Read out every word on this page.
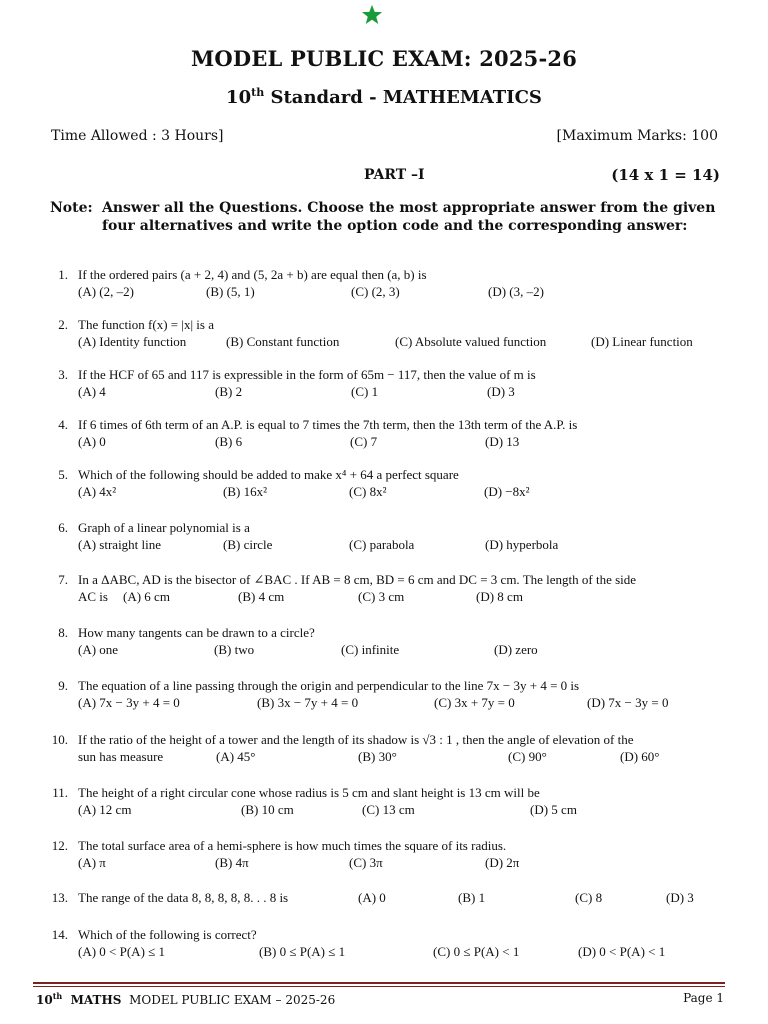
MODEL PUBLIC EXAM: 2025-26
10th Standard - MATHEMATICS
Time Allowed : 3 Hours]	[Maximum Marks: 100
PART –I	(14 x 1 = 14)
Note: Answer all the Questions. Choose the most appropriate answer from the given
four alternatives and write the option code and the corresponding answer:
1. If the ordered pairs (a + 2, 4) and (5, 2a + b) are equal then (a, b) is
(A) (2, –2)	(B) (5, 1)	(C) (2, 3)	(D) (3, –2)
2. The function f(x) = |x| is a
(A) Identity function	(B) Constant function	(C) Absolute valued function	(D) Linear function
3. If the HCF of 65 and 117 is expressible in the form of 65m − 117, then the value of m is
(A) 4	(B) 2	(C) 1	(D) 3
4. If 6 times of 6th term of an A.P. is equal to 7 times the 7th term, then the 13th term of the A.P. is
(A) 0	(B) 6	(C) 7	(D) 13
5. Which of the following should be added to make x⁴ + 64 a perfect square
(A) 4x²	(B) 16x²	(C) 8x²	(D) −8x²
6. Graph of a linear polynomial is a
(A) straight line	(B) circle	(C) parabola	(D) hyperbola
7. In a ΔABC, AD is the bisector of ∠BAC . If AB = 8 cm, BD = 6 cm and DC = 3 cm. The length of the side
AC is (A) 6 cm	(B) 4 cm	(C) 3 cm	(D) 8 cm
8. How many tangents can be drawn to a circle?
(A) one	(B) two	(C) infinite	(D) zero
9. The equation of a line passing through the origin and perpendicular to the line 7x − 3y + 4 = 0 is
(A) 7x − 3y + 4 = 0	(B) 3x − 7y + 4 = 0	(C) 3x + 7y = 0	(D) 7x − 3y = 0
10. If the ratio of the height of a tower and the length of its shadow is √3 : 1 , then the angle of elevation of the
sun has measure	(A) 45°	(B) 30°	(C) 90°	(D) 60°
11. The height of a right circular cone whose radius is 5 cm and slant height is 13 cm will be
(A) 12 cm	(B) 10 cm	(C) 13 cm	(D) 5 cm
12. The total surface area of a hemi-sphere is how much times the square of its radius.
(A) π	(B) 4π	(C) 3π	(D) 2π
13. The range of the data 8, 8, 8, 8, 8. . . 8 is	(A) 0	(B) 1	(C) 8	(D) 3
14. Which of the following is correct?
(A) 0 < P(A) ≤ 1	(B) 0 ≤ P(A) ≤ 1	(C) 0 ≤ P(A) < 1	(D) 0 < P(A) < 1
10th MATHS MODEL PUBLIC EXAM – 2025-26	Page 1
